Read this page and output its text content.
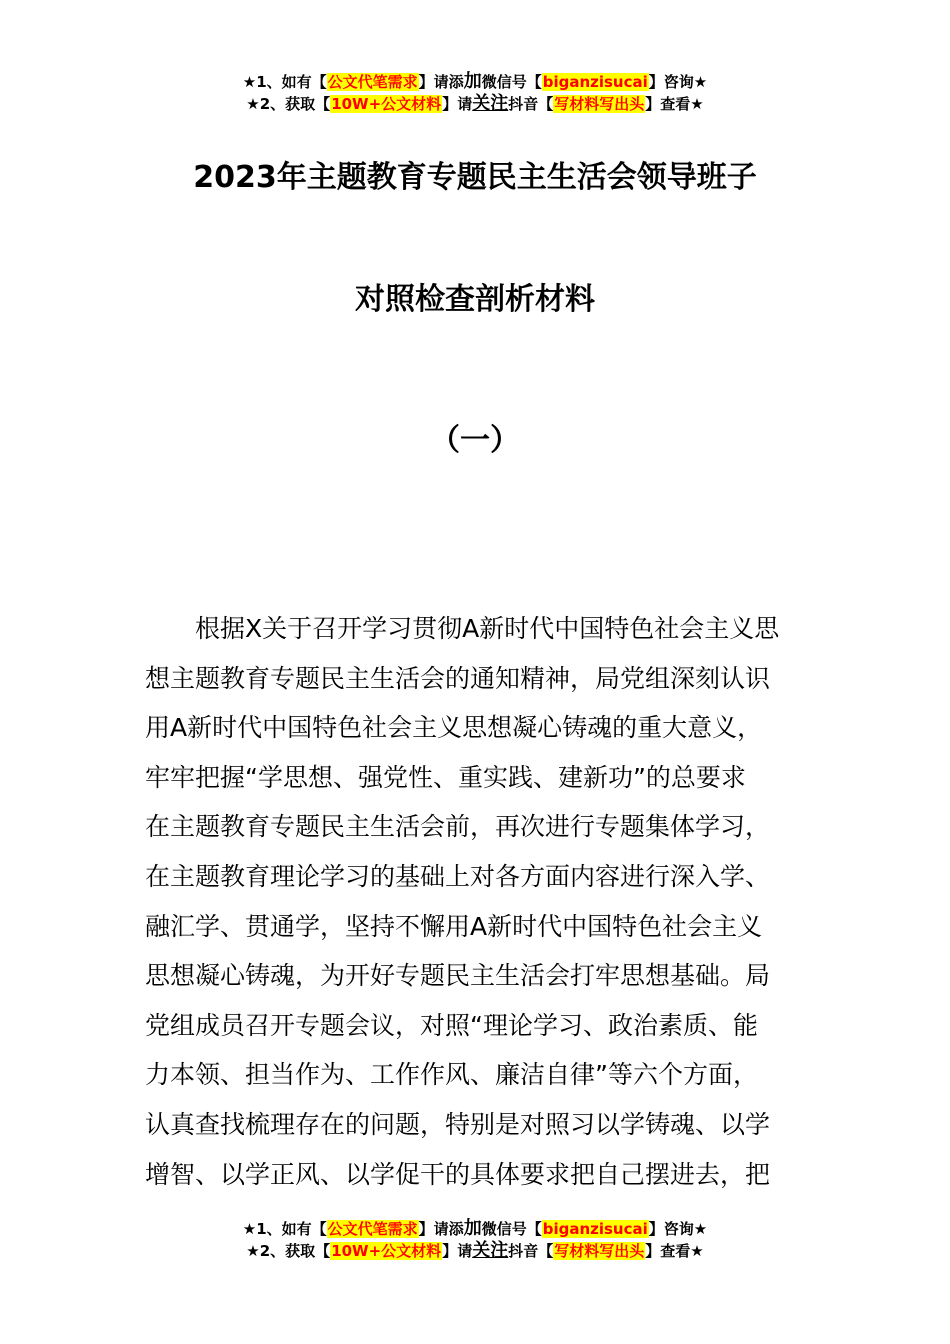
★1、如有【公文代笔需求】请添加微信号【biganzisucai】咨询★
★2、获取【10W+公文材料】请关注抖音【写材料写出头】查看★
2023年主题教育专题民主生活会领导班子
对照检查剖析材料
（一）
根据X关于召开学习贯彻A新时代中国特色社会主义思
想主题教育专题民主生活会的通知精神，局党组深刻认识
用A新时代中国特色社会主义思想凝心铸魂的重大意义，
牢牢把握“学思想、强党性、重实践、建新功”的总要求
在主题教育专题民主生活会前，再次进行专题集体学习，
在主题教育理论学习的基础上对各方面内容进行深入学、
融汇学、贯通学，坚持不懈用A新时代中国特色社会主义
思想凝心铸魂，为开好专题民主生活会打牢思想基础。局
党组成员召开专题会议，对照“理论学习、政治素质、能
力本领、担当作为、工作作风、廉洁自律”等六个方面，
认真查找梳理存在的问题，特别是对照习以学铸魂、以学
增智、以学正风、以学促干的具体要求把自己摆进去，把
★1、如有【公文代笔需求】请添加微信号【biganzisucai】咨询★
★2、获取【10W+公文材料】请关注抖音【写材料写出头】查看★
